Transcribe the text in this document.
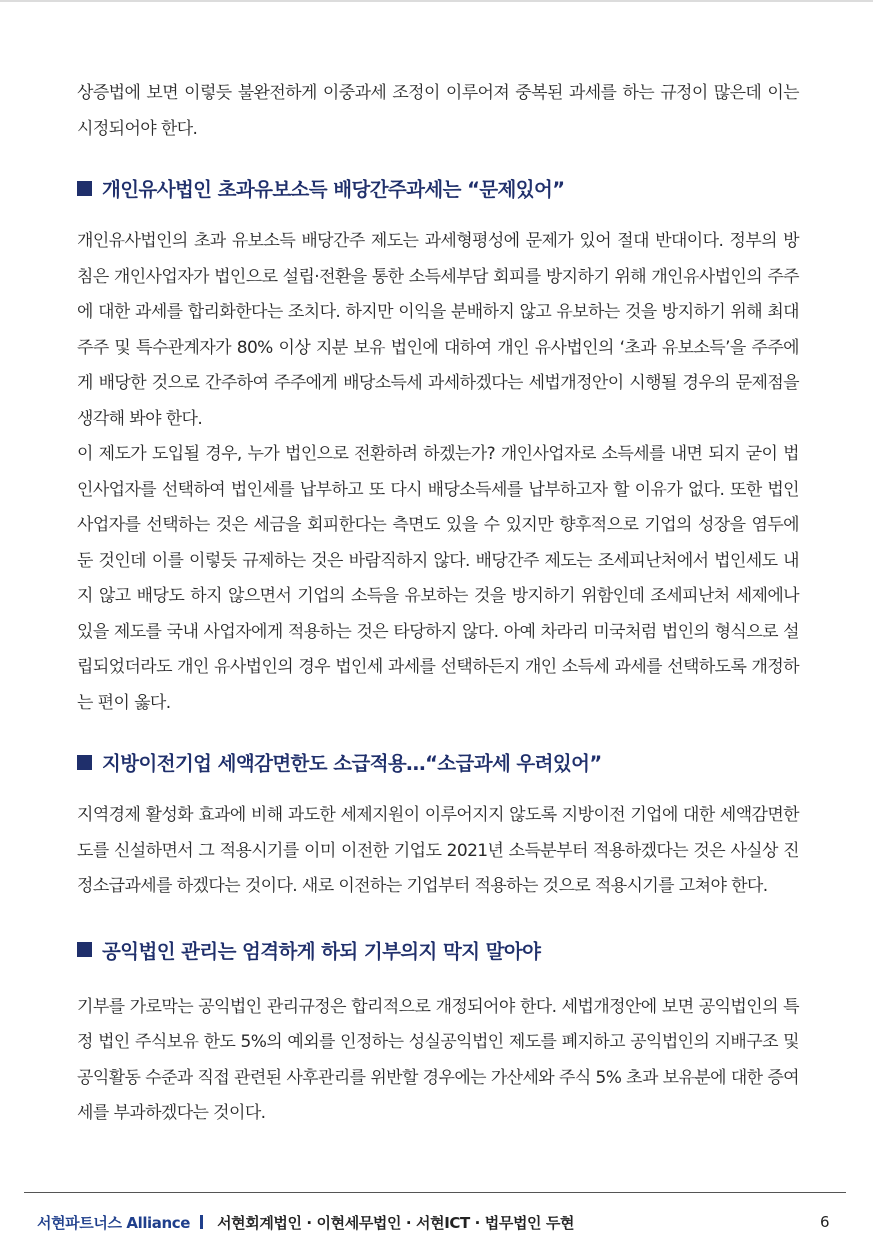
상증법에 보면 이렇듯 불완전하게 이중과세 조정이 이루어져 중복된 과세를 하는 규정이 많은데 이는 시정되어야 한다.

개인유사법인 초과유보소득 배당간주과세는 “문제있어”

개인유사법인의 초과 유보소득 배당간주 제도는 과세형평성에 문제가 있어 절대 반대이다. 정부의 방침은 개인사업자가 법인으로 설립·전환을 통한 소득세부담 회피를 방지하기 위해 개인유사법인의 주주에 대한 과세를 합리화한다는 조치다. 하지만 이익을 분배하지 않고 유보하는 것을 방지하기 위해 최대주주 및 특수관계자가 80% 이상 지분 보유 법인에 대하여 개인 유사법인의 ‘초과 유보소득’을 주주에게 배당한 것으로 간주하여 주주에게 배당소득세 과세하겠다는 세법개정안이 시행될 경우의 문제점을 생각해 봐야 한다.

이 제도가 도입될 경우, 누가 법인으로 전환하려 하겠는가? 개인사업자로 소득세를 내면 되지 굳이 법인사업자를 선택하여 법인세를 납부하고 또 다시 배당소득세를 납부하고자 할 이유가 없다. 또한 법인사업자를 선택하는 것은 세금을 회피한다는 측면도 있을 수 있지만 향후적으로 기업의 성장을 염두에 둔 것인데 이를 이렇듯 규제하는 것은 바람직하지 않다. 배당간주 제도는 조세피난처에서 법인세도 내지 않고 배당도 하지 않으면서 기업의 소득을 유보하는 것을 방지하기 위함인데 조세피난처 세제에나 있을 제도를 국내 사업자에게 적용하는 것은 타당하지 않다. 아예 차라리 미국처럼 법인의 형식으로 설립되었더라도 개인 유사법인의 경우 법인세 과세를 선택하든지 개인 소득세 과세를 선택하도록 개정하는 편이 옳다.

지방이전기업 세액감면한도 소급적용…“소급과세 우려있어”

지역경제 활성화 효과에 비해 과도한 세제지원이 이루어지지 않도록 지방이전 기업에 대한 세액감면한도를 신설하면서 그 적용시기를 이미 이전한 기업도 2021년 소득분부터 적용하겠다는 것은 사실상 진정소급과세를 하겠다는 것이다. 새로 이전하는 기업부터 적용하는 것으로 적용시기를 고쳐야 한다.

공익법인 관리는 엄격하게 하되 기부의지 막지 말아야

기부를 가로막는 공익법인 관리규정은 합리적으로 개정되어야 한다. 세법개정안에 보면 공익법인의 특정 법인 주식보유 한도 5%의 예외를 인정하는 성실공익법인 제도를 폐지하고 공익법인의 지배구조 및 공익활동 수준과 직접 관련된 사후관리를 위반할 경우에는 가산세와 주식 5% 초과 보유분에 대한 증여세를 부과하겠다는 것이다.

서현파트너스 Alliance 서현회계법인 · 이현세무법인 · 서현ICT · 법무법인 두현	6
